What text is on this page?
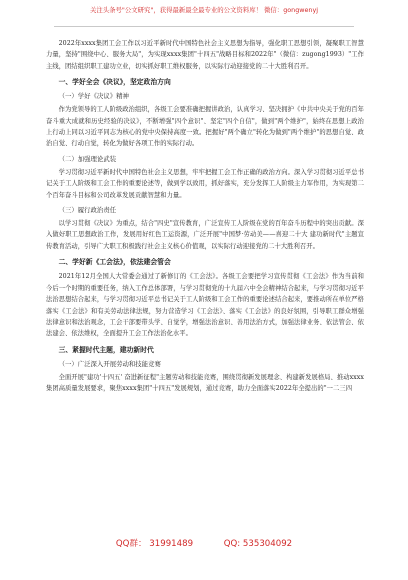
关注头条号"公文研究"，获得最新最全最专业的公文资料库！ 微信：gongwenyj

2022年xxxx集团工会工作以习近平新时代中国特色社会主义思想为指导，强化职工思想引领，凝聚职工智慧力量，坚持"围绕中心、服务大局"，为实现xxxx集团"十四五"战略目标和2022年"（微信：zugong1993）"工作主线，团结组织职工建功立业，切实抓好职工维权服务，以实际行动迎接党的二十大胜利召开。

一、学好全会《决议》，坚定政治方向
（一）学好《决议》精神

作为党领导的工人阶级政治组织，各级工会要准确把握讲政治，认真学习、坚决拥护《中共中央关于党的百年奋斗重大成就和历史经验的决议》，不断增强"四个意识"、坚定"四个自信"，做到"两个维护"，始终在思想上政治上行动上同以习近平同志为核心的党中央保持高度一致。把握好"两个确立"转化为做到"两个维护"的思想自觉、政治自觉、行动自觉，转化为做好各项工作的实际行动。

（二）加强理论武装

学习贯彻习近平新时代中国特色社会主义思想，牢牢把握工会工作正确的政治方向。深入学习贯彻习近平总书记关于工人阶级和工会工作的重要论述等，做到学以致用，抓好落实，充分发挥工人阶级主力军作用，为实现第二个百年奋斗目标和公司改革发展贡献智慧和力量。

（三）履行政治责任

以学习贯彻《决议》为重点，结合"四史"宣传教育，广泛宣传工人阶级在党的百年奋斗历程中的突出贡献。深入做好职工思想政治工作，发展用好红色工运资源，广泛开展"中国梦·劳动美——喜迎二十大 建功新时代"主题宣传教育活动，引导广大职工积极践行社会主义核心价值观，以实际行动迎接党的二十大胜利召开。

二、学好新《工会法》，依法建会管会

2021年12月全国人大常委会通过了新修订的《工会法》。各级工会要把学习宣传贯彻《工会法》作为当前和今后一个时期的重要任务，纳入工作总体部署，与学习贯彻党的十九届六中全会精神结合起来，与学习贯彻习近平法治思想结合起来，与学习贯彻习近平总书记关于工人阶级和工会工作的重要论述结合起来，要推动所在单位严格落实《工会法》和有关劳动法律法规，努力营造学习《工会法》、落实《工会法》的良好氛围，引导职工群众增强法律意识和法治观念，工会干部要带头学、自觉学，增强法治意识、善用法治方式，加强法律业务、依法管会、依法建会、依法维权，全面提升工会工作法治化水平。

三、紧握时代主题，建功新时代
（一）广泛深入开展劳动和技能竞赛

全面开展"建功'十四五' 奋进新征程"主题劳动和技能竞赛，围绕贯彻新发展理念、构建新发展格局、推动xxxx集团高质量发展要求，聚焦xxxx集团"十四五"发展规划，通过竞赛，助力全面落实2022年全提出的"一二三四

QQ群： 31991489	QQ: 535304092
